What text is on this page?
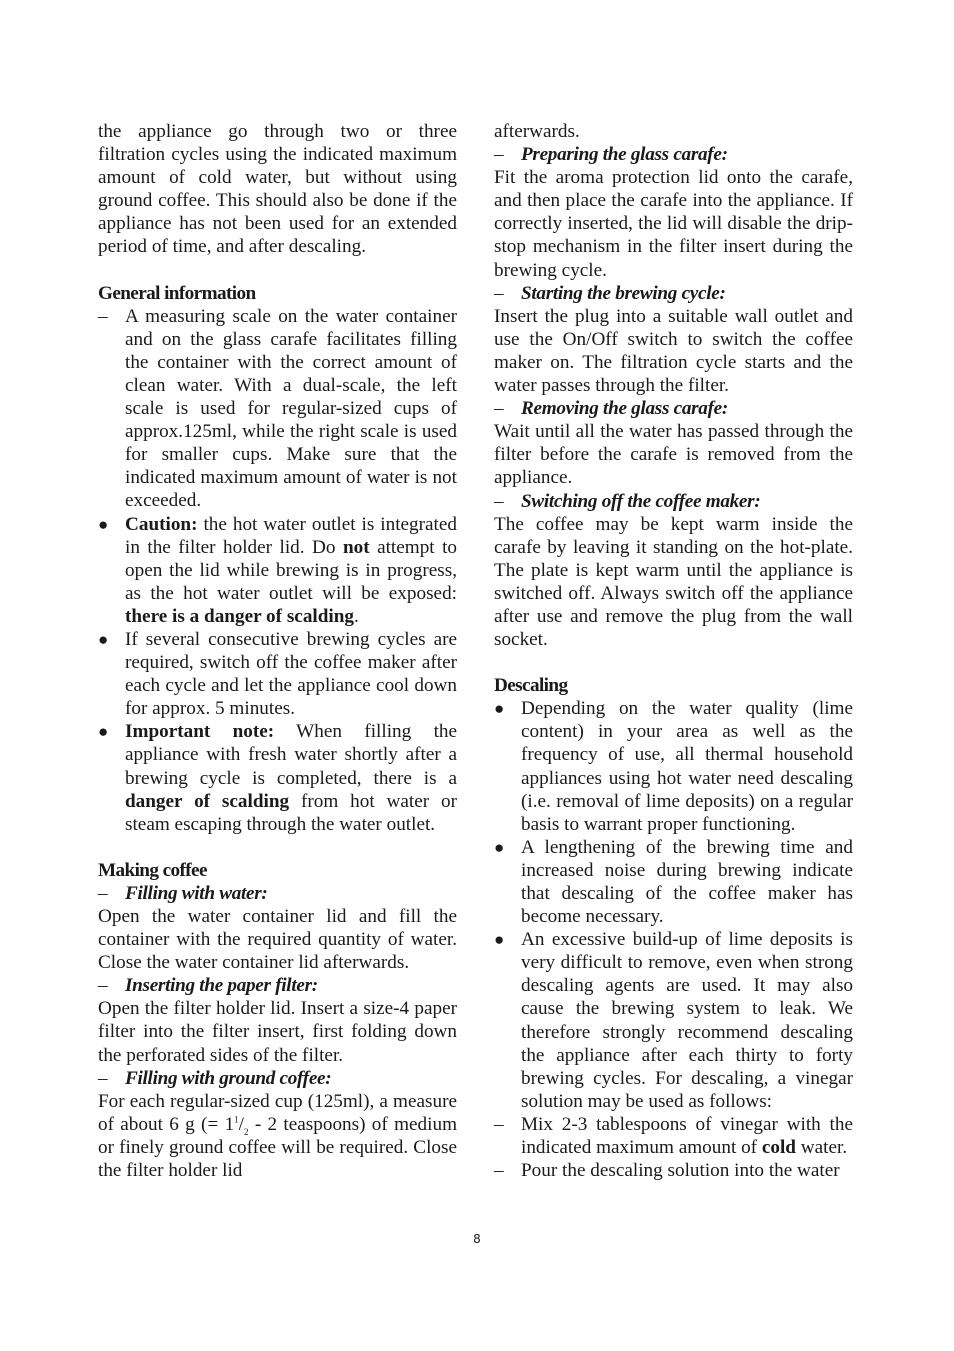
the appliance go through two or three filtration cycles using the indicated maximum amount of cold water, but without using ground coffee. This should also be done if the appliance has not been used for an extended period of time, and after descaling.

General information
– A measuring scale on the water container and on the glass carafe facilitates filling the container with the correct amount of clean water. With a dual-scale, the left scale is used for regular-sized cups of approx.125ml, while the right scale is used for smaller cups. Make sure that the indicated maximum amount of water is not exceeded.
● Caution: the hot water outlet is integrated in the filter holder lid. Do not attempt to open the lid while brewing is in progress, as the hot water outlet will be exposed: there is a danger of scalding.
● If several consecutive brewing cycles are required, switch off the coffee maker after each cycle and let the appliance cool down for approx. 5 minutes.
● Important note: When filling the appliance with fresh water shortly after a brewing cycle is completed, there is a danger of scalding from hot water or steam escaping through the water outlet.
Making coffee
– Filling with water:

Open the water container lid and fill the container with the required quantity of water. Close the water container lid afterwards.

– Inserting the paper filter:

Open the filter holder lid. Insert a size-4 paper filter into the filter insert, first folding down the perforated sides of the filter.

– Filling with ground coffee:

For each regular-sized cup (125ml), a measure of about 6 g (= $1^1/_2 - 2$ teaspoons) of medium or finely ground coffee will be required. Close the filter holder lid

afterwards.

– Preparing the glass carafe:

Fit the aroma protection lid onto the carafe, and then place the carafe into the appliance. If correctly inserted, the lid will disable the drip-stop mechanism in the filter insert during the brewing cycle.

– Starting the brewing cycle:

Insert the plug into a suitable wall outlet and use the On/Off switch to switch the coffee maker on. The filtration cycle starts and the water passes through the filter.

– Removing the glass carafe:

Wait until all the water has passed through the filter before the carafe is removed from the appliance.

– Switching off the coffee maker:

The coffee may be kept warm inside the carafe by leaving it standing on the hot-plate. The plate is kept warm until the appliance is switched off. Always switch off the appliance after use and remove the plug from the wall socket.

Descaling
● Depending on the water quality (lime content) in your area as well as the frequency of use, all thermal household appliances using hot water need descaling (i.e. removal of lime deposits) on a regular basis to warrant proper functioning.
● A lengthening of the brewing time and increased noise during brewing indicate that descaling of the coffee maker has become necessary.
● An excessive build-up of lime deposits is very difficult to remove, even when strong descaling agents are used. It may also cause the brewing system to leak. We therefore strongly recommend descaling the appliance after each thirty to forty brewing cycles. For descaling, a vinegar solution may be used as follows:
– Mix 2-3 tablespoons of vinegar with the indicated maximum amount of cold water.
– Pour the descaling solution into the water
8
